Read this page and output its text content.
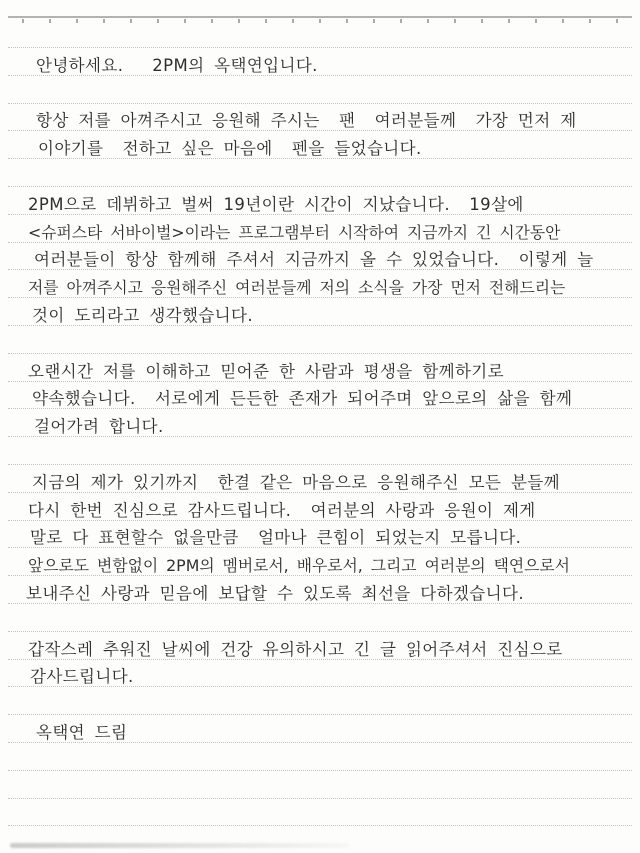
안녕하세요.   2PM의 옥택연입니다.
항상 저를 아껴주시고 응원해 주시는  팬  여러분들께  가장 먼저 제
이야기를  전하고 싶은 마음에  펜을 들었습니다.
2PM으로 데뷔하고 벌써 19년이란 시간이 지났습니다.  19살에
<슈퍼스타 서바이벌>이라는 프로그램부터 시작하여 지금까지 긴 시간동안
여러분들이 항상 함께해 주셔서 지금까지 올 수 있었습니다.  이렇게 늘
저를 아껴주시고 응원해주신 여러분들께 저의 소식을 가장 먼저 전해드리는
것이 도리라고 생각했습니다.
오랜시간 저를 이해하고 믿어준 한 사람과 평생을 함께하기로
약속했습니다.  서로에게 든든한 존재가 되어주며 앞으로의 삶을 함께
걸어가려 합니다.
지금의 제가 있기까지  한결 같은 마음으로 응원해주신 모든 분들께
다시 한번 진심으로 감사드립니다.  여러분의 사랑과 응원이 제게
말로 다 표현할수 없을만큼  얼마나 큰힘이 되었는지 모릅니다.
앞으로도 변함없이 2PM의 멤버로서, 배우로서, 그리고 여러분의 택연으로서
보내주신 사랑과 믿음에 보답할 수 있도록 최선을 다하겠습니다.
갑작스레 추워진 날씨에 건강 유의하시고 긴 글 읽어주셔서 진심으로
감사드립니다.
옥택연 드림
